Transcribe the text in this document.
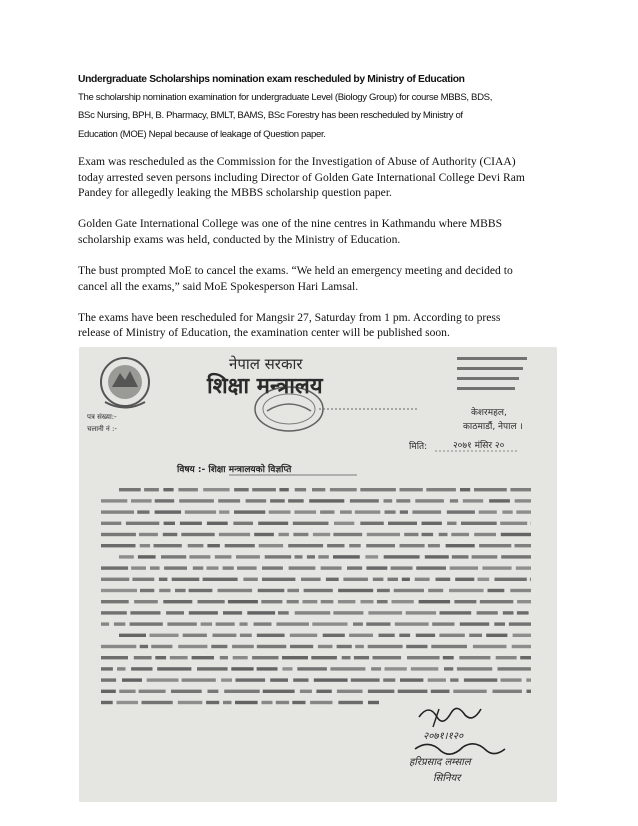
Undergraduate Scholarships nomination exam rescheduled by Ministry of Education
The scholarship nomination examination for undergraduate Level (Biology Group) for course MBBS, BDS,
BSc Nursing, BPH, B. Pharmacy, BMLT, BAMS, BSc Forestry has been rescheduled by Ministry of
Education (MOE) Nepal because of leakage of Question paper.

Exam was rescheduled as the Commission for the Investigation of Abuse of Authority (CIAA)
today arrested seven persons including Director of Golden Gate International College Devi Ram
Pandey for allegedly leaking the MBBS scholarship question paper.

Golden Gate International College was one of the nine centres in Kathmandu where MBBS
scholarship exams was held, conducted by the Ministry of Education.

The bust prompted MoE to cancel the exams. “We held an emergency meeting and decided to
cancel all the exams,” said MoE Spokesperson Hari Lamsal.

The exams have been rescheduled for Mangsir 27, Saturday from 1 pm. According to press
release of Ministry of Education, the examination center will be published soon.

नेपाल सरकार
शिक्षा मन्त्रालय
केशरमहल,
काठमाडौं, नेपाल ।
पत्र संख्या:-
चलानी नं :-
मिति:	२०७१ मंसिर २०
विषय :- शिक्षा मन्त्रालयको विज्ञप्ति
२०७१।१२०
हरिप्रसाद लम्साल
सिनियर
